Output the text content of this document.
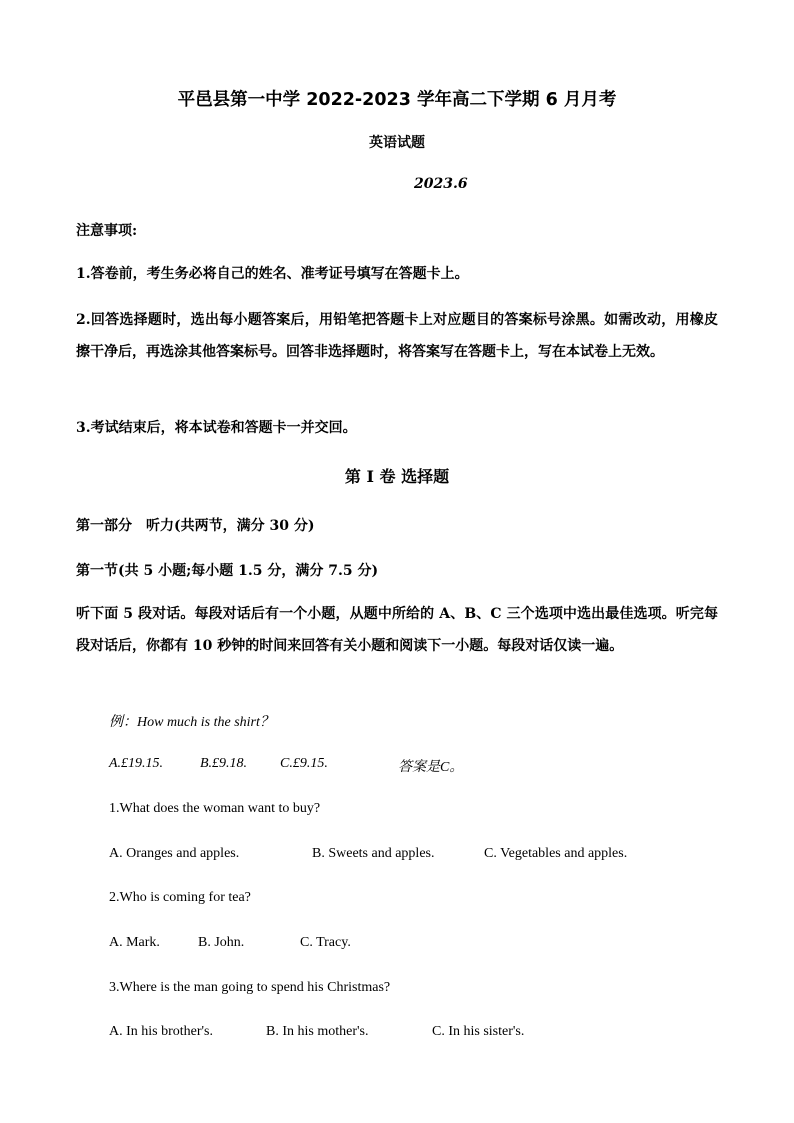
平邑县第一中学 2022-2023 学年高二下学期 6 月月考
英语试题
2023.6
注意事项:
1.答卷前，考生务必将自己的姓名、准考证号填写在答题卡上。
2.回答选择题时，选出每小题答案后，用铅笔把答题卡上对应题目的答案标号涂黑。如需改动，用橡皮擦干净后，再选涂其他答案标号。回答非选择题时，将答案写在答题卡上，写在本试卷上无效。
3.考试结束后，将本试卷和答题卡一并交回。
第 I 卷 选择题
第一部分　听力(共两节，满分 30 分)
第一节(共 5 小题;每小题 1.5 分，满分 7.5 分)
听下面 5 段对话。每段对话后有一个小题，从题中所给的 A、B、C 三个选项中选出最佳选项。听完每段对话后，你都有 10 秒钟的时间来回答有关小题和阅读下一小题。每段对话仅读一遍。
例：How much is the shirt？
A.£19.15.	B.£9.18. C.£9.15.	答案是C。
1.What does the woman want to buy?
A. Oranges and apples.	B. Sweets and apples.	C. Vegetables and apples.
2.Who is coming for tea?
A. Mark.	B. John.	C. Tracy.
3.Where is the man going to spend his Christmas?
A. In his brother's.	B. In his mother's.	C. In his sister's.
